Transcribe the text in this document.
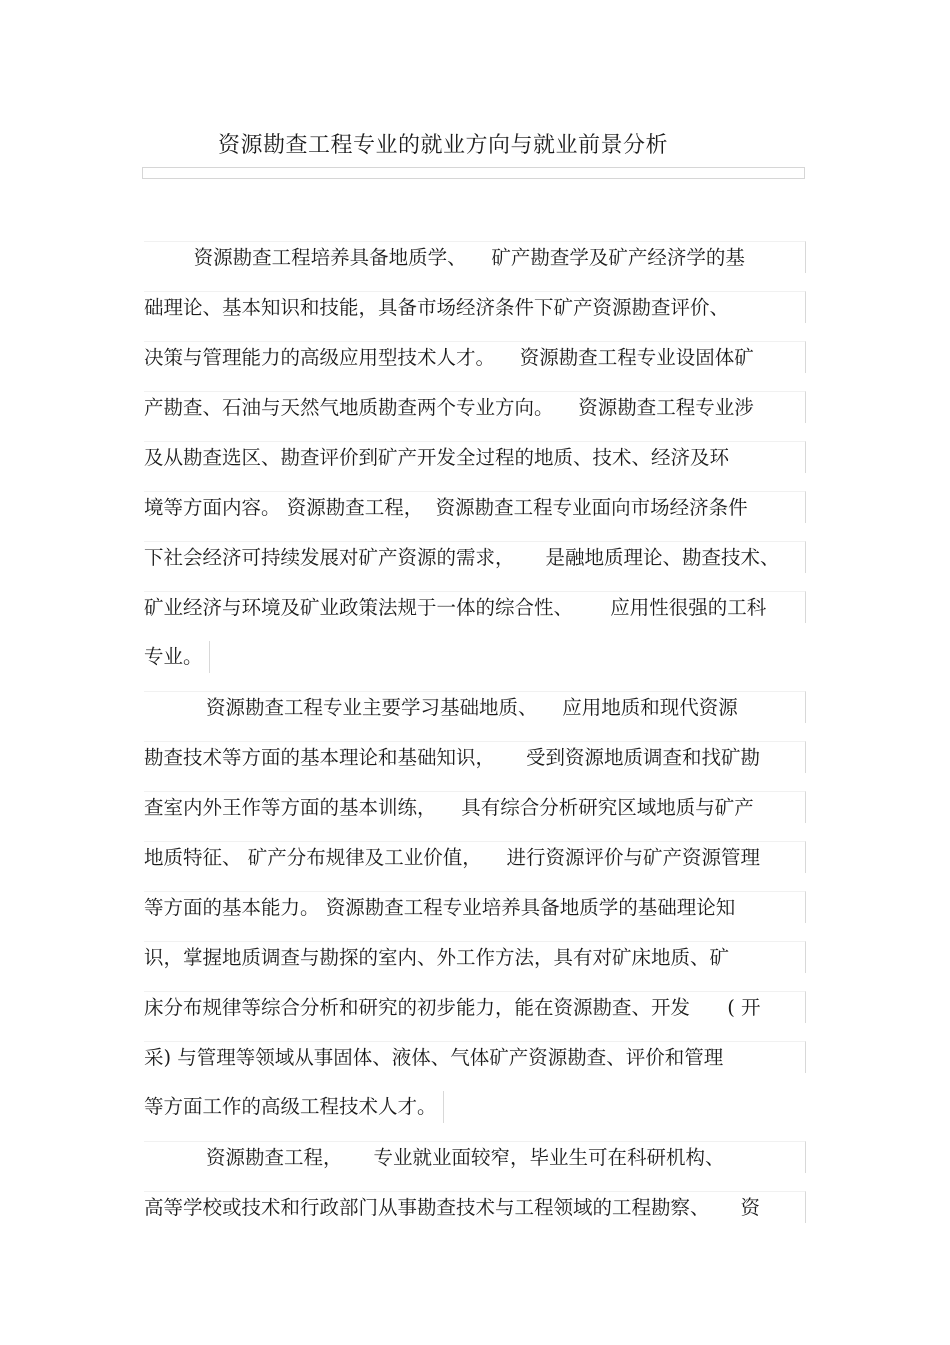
资源勘查工程专业的就业方向与就业前景分析
资源勘查工程培养具备地质学、    矿产勘查学及矿产经济学的基
础理论、基本知识和技能，具备市场经济条件下矿产资源勘查评价、
决策与管理能力的高级应用型技术人才。    资源勘查工程专业设固体矿
产勘查、石油与天然气地质勘查两个专业方向。    资源勘查工程专业涉
及从勘查选区、勘查评价到矿产开发全过程的地质、技术、经济及环
境等方面内容。 资源勘查工程，  资源勘查工程专业面向市场经济条件
下社会经济可持续发展对矿产资源的需求，     是融地质理论、勘查技术、
矿业经济与环境及矿业政策法规于一体的综合性、      应用性很强的工科
专业。
资源勘查工程专业主要学习基础地质、    应用地质和现代资源
勘查技术等方面的基本理论和基础知识，     受到资源地质调查和找矿勘
查室内外王作等方面的基本训练，    具有综合分析研究区域地质与矿产
地质特征、 矿产分布规律及工业价值，    进行资源评价与矿产资源管理
等方面的基本能力。 资源勘查工程专业培养具备地质学的基础理论知
识，掌握地质调查与勘探的室内、外工作方法，具有对矿床地质、矿
床分布规律等综合分析和研究的初步能力，能在资源勘查、开发      ( 开
采) 与管理等领域从事固体、液体、气体矿产资源勘查、评价和管理
等方面工作的高级工程技术人才。
资源勘查工程，     专业就业面较窄，毕业生可在科研机构、
高等学校或技术和行政部门从事勘查技术与工程领域的工程勘察、     资
